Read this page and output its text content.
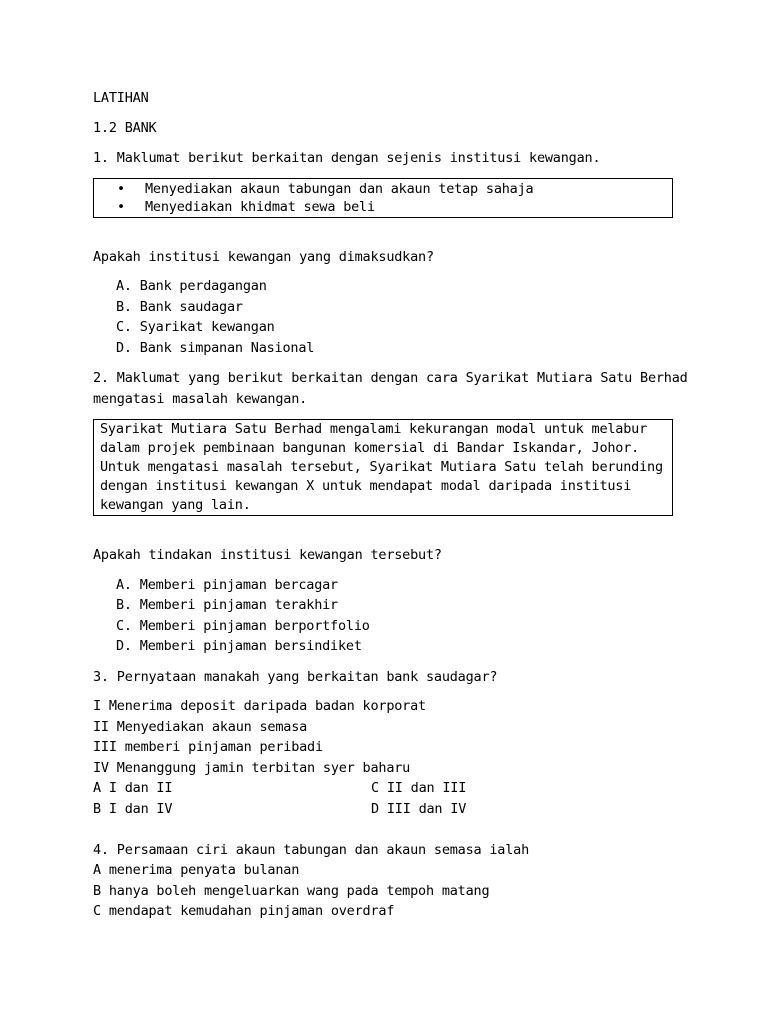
LATIHAN
1.2 BANK
1. Maklumat berikut berkaitan dengan sejenis institusi kewangan.
• Menyediakan akaun tabungan dan akaun tetap sahaja
• Menyediakan khidmat sewa beli
Apakah institusi kewangan yang dimaksudkan?
A. Bank perdagangan
B. Bank saudagar
C. Syarikat kewangan
D. Bank simpanan Nasional
2. Maklumat yang berikut berkaitan dengan cara Syarikat Mutiara Satu Berhad
mengatasi masalah kewangan.
Syarikat Mutiara Satu Berhad mengalami kekurangan modal untuk melabur
dalam projek pembinaan bangunan komersial di Bandar Iskandar, Johor.
Untuk mengatasi masalah tersebut, Syarikat Mutiara Satu telah berunding
dengan institusi kewangan X untuk mendapat modal daripada institusi
kewangan yang lain.
Apakah tindakan institusi kewangan tersebut?
A. Memberi pinjaman bercagar
B. Memberi pinjaman terakhir
C. Memberi pinjaman berportfolio
D. Memberi pinjaman bersindiket
3. Pernyataan manakah yang berkaitan bank saudagar?
I Menerima deposit daripada badan korporat
II Menyediakan akaun semasa
III memberi pinjaman peribadi
IV Menanggung jamin terbitan syer baharu
A I dan II	C II dan III
B I dan IV	D III dan IV
4. Persamaan ciri akaun tabungan dan akaun semasa ialah
A menerima penyata bulanan
B hanya boleh mengeluarkan wang pada tempoh matang
C mendapat kemudahan pinjaman overdraf
